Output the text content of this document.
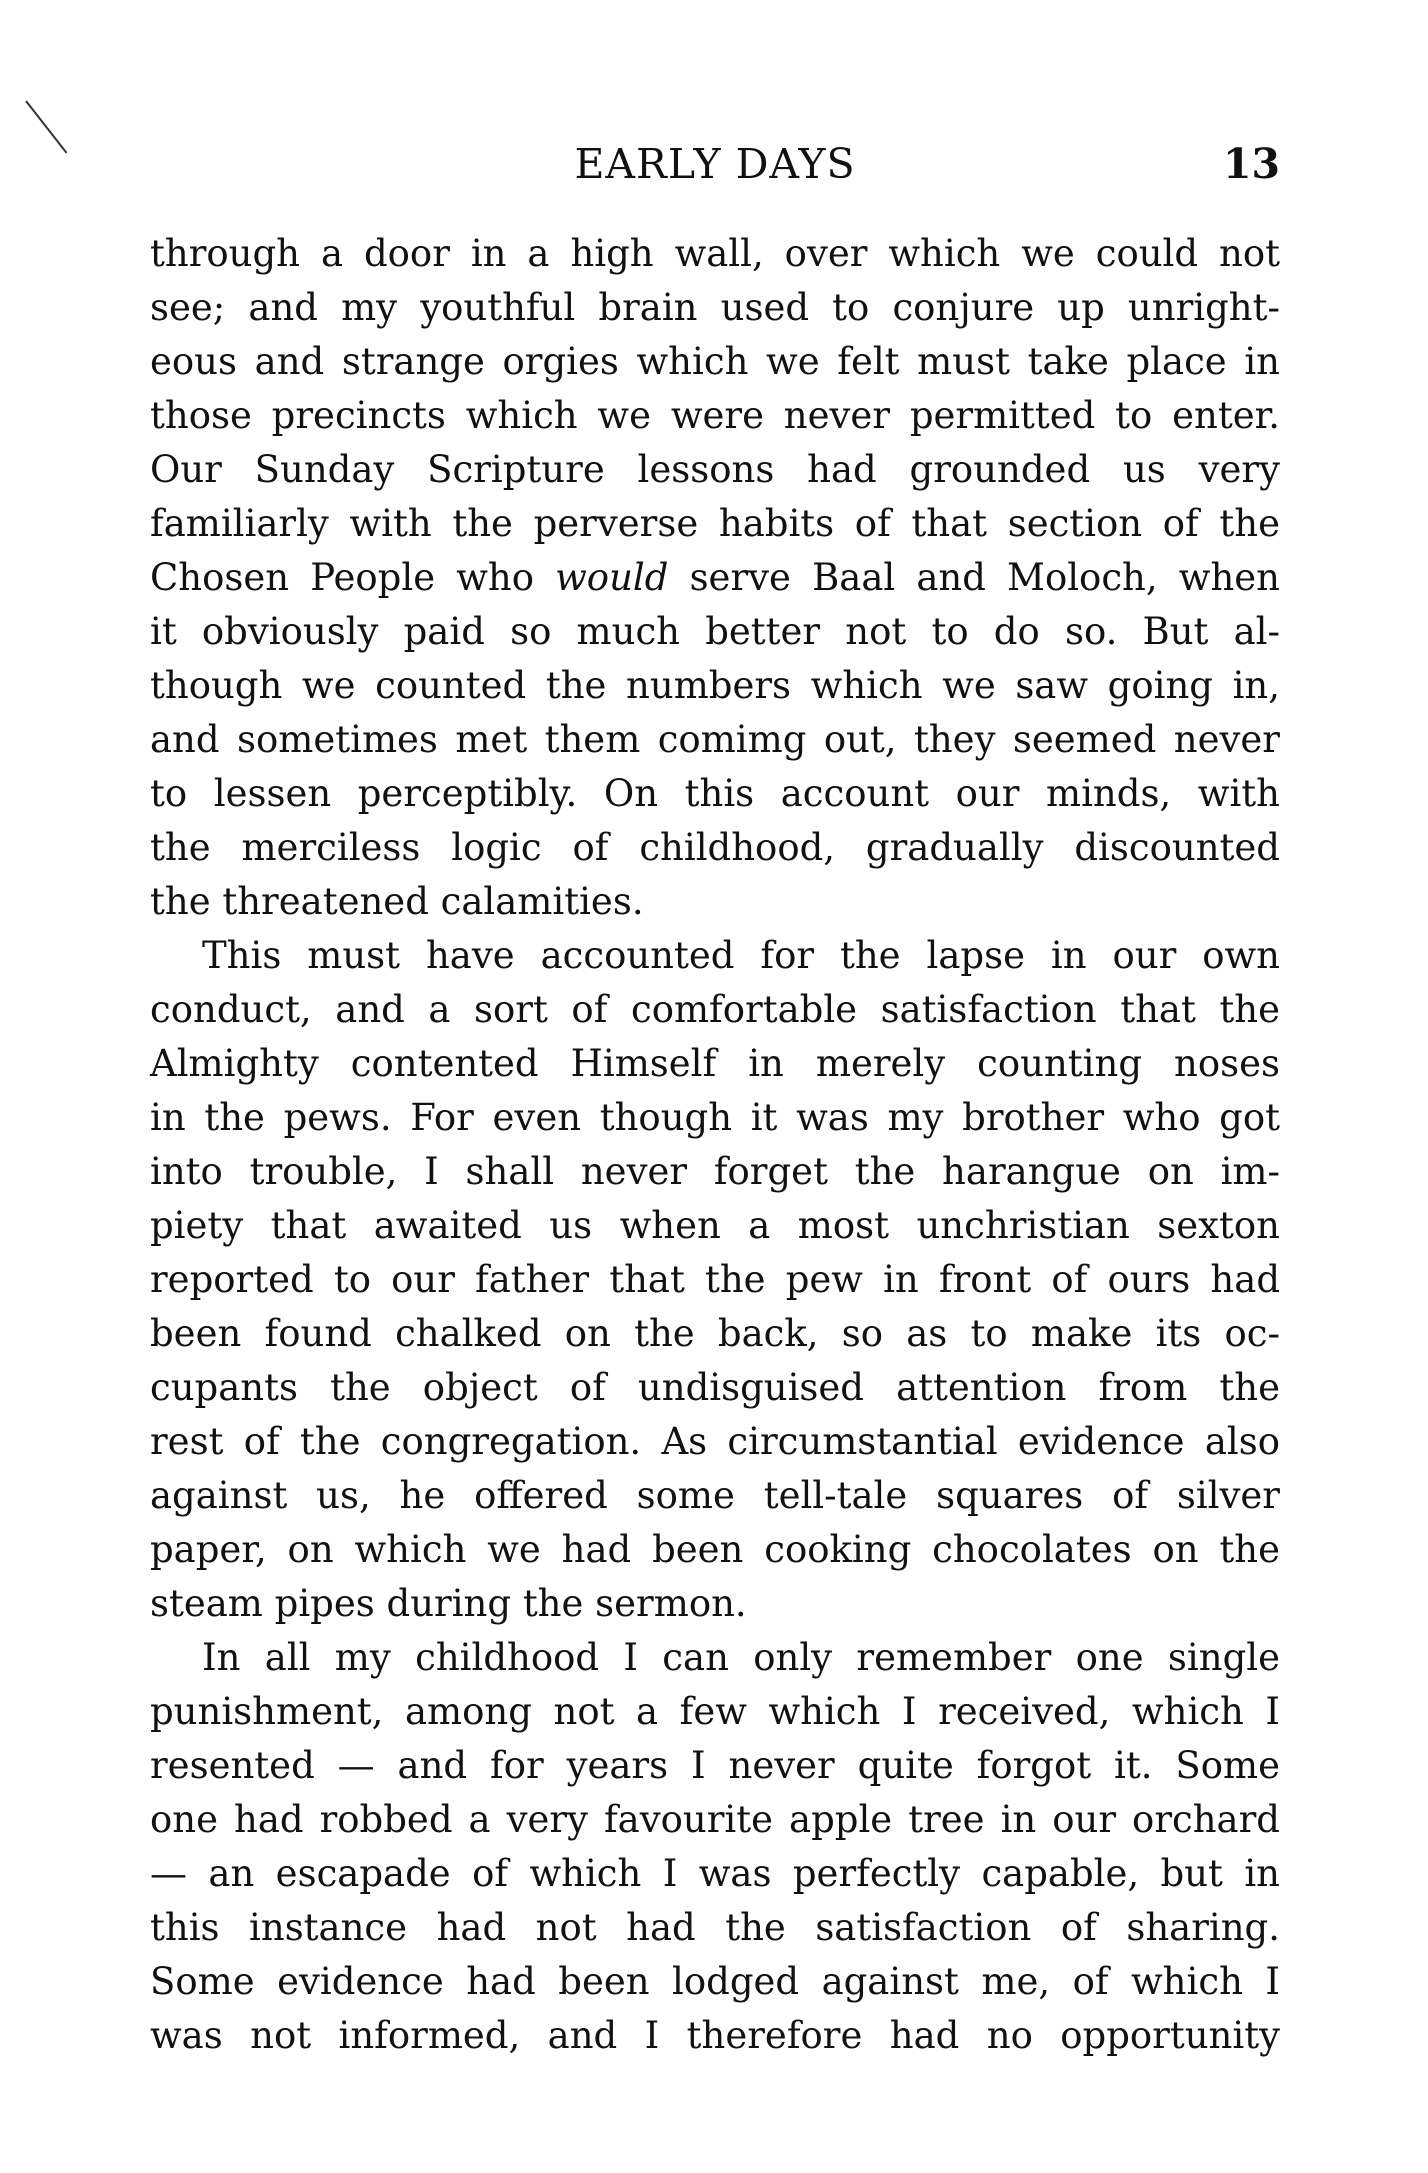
EARLY DAYS	13
through a door in a high wall, over which we could not
see; and my youthful brain used to conjure up unright-
eous and strange orgies which we felt must take place in
those precincts which we were never permitted to enter.
Our Sunday Scripture lessons had grounded us very
familiarly with the perverse habits of that section of the
Chosen People who would serve Baal and Moloch, when
it obviously paid so much better not to do so. But al-
though we counted the numbers which we saw going in,
and sometimes met them comimg out, they seemed never
to lessen perceptibly. On this account our minds, with
the merciless logic of childhood, gradually discounted
the threatened calamities.
This must have accounted for the lapse in our own
conduct, and a sort of comfortable satisfaction that the
Almighty contented Himself in merely counting noses
in the pews. For even though it was my brother who got
into trouble, I shall never forget the harangue on im-
piety that awaited us when a most unchristian sexton
reported to our father that the pew in front of ours had
been found chalked on the back, so as to make its oc-
cupants the object of undisguised attention from the
rest of the congregation. As circumstantial evidence also
against us, he offered some tell-tale squares of silver
paper, on which we had been cooking chocolates on the
steam pipes during the sermon.
In all my childhood I can only remember one single
punishment, among not a few which I received, which I
resented — and for years I never quite forgot it. Some
one had robbed a very favourite apple tree in our orchard
— an escapade of which I was perfectly capable, but in
this instance had not had the satisfaction of sharing.
Some evidence had been lodged against me, of which I
was not informed, and I therefore had no opportunity
